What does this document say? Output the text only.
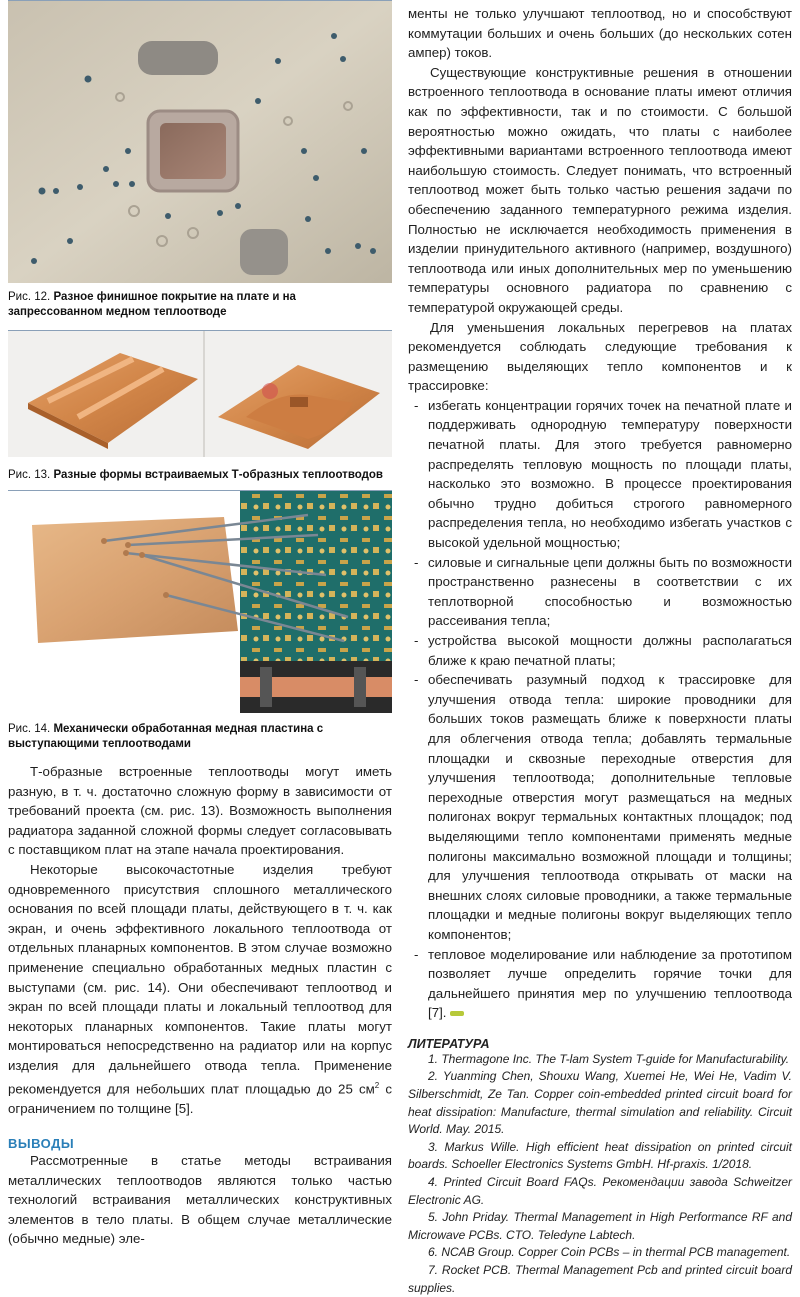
Рис. 12. Разное финишное покрытие на плате и на запрессованном медном теплоотводе
Рис. 13. Разные формы встраиваемых Т-образных теплоотводов
Рис. 14. Механически обработанная медная пластина с выступающими теплоотводами

Т-образные встроенные теплоотводы могут иметь разную, в т. ч. достаточно сложную форму в зависимости от требований проекта (см. рис. 13). Возможность выполнения радиатора заданной сложной формы следует согласовывать с поставщиком плат на этапе начала проектирования.

Некоторые высокочастотные изделия требуют одновременного присутствия сплошного металлического основания по всей площади платы, действующего в т. ч. как экран, и очень эффективного локального теплоотвода от отдельных планарных компонентов. В этом случае возможно применение специально обработанных медных пластин с выступами (см. рис. 14). Они обеспечивают теплоотвод и экран по всей площади платы и локальный теплоотвод для некоторых планарных компонентов. Такие платы могут монтироваться непосредственно на радиатор или на корпус изделия для дальнейшего отвода тепла. Применение рекомендуется для небольших плат площадью до 25 $см^2$ с ограничением по толщине [5].

ВЫВОДЫ

Рассмотренные в статье методы встраивания металлических теплоотводов являются только частью технологий встраивания металлических конструктивных элементов в тело платы. В общем случае металлические (обычно медные) эле-

менты не только улучшают теплоотвод, но и способствуют коммутации больших и очень больших (до нескольких сотен ампер) токов.

Существующие конструктивные решения в отношении встроенного теплоотвода в основание платы имеют отличия как по эффективности, так и по стоимости. С большой вероятностью можно ожидать, что платы с наиболее эффективными вариантами встроенного теплоотвода имеют наибольшую стоимость. Следует понимать, что встроенный теплоотвод может быть только частью решения задачи по обеспечению заданного температурного режима изделия. Полностью не исключается необходимость применения в изделии принудительного активного (например, воздушного) теплоотвода или иных дополнительных мер по уменьшению температуры основного радиатора по сравнению с температурой окружающей среды.

Для уменьшения локальных перегревов на платах рекомендуется соблюдать следующие требования к размещению выделяющих тепло компонентов и к трассировке:

- избегать концентрации горячих точек на печатной плате и поддерживать однородную температуру поверхности печатной платы. Для этого требуется равномерно распределять тепловую мощность по площади платы, насколько это возможно. В процессе проектирования обычно трудно добиться строгого равномерного распределения тепла, но необходимо избегать участков с высокой удельной мощностью;
- силовые и сигнальные цепи должны быть по возможности пространственно разнесены в соответствии с их теплотворной способностью и возможностью рассеивания тепла;
- устройства высокой мощности должны располагаться ближе к краю печатной платы;
- обеспечивать разумный подход к трассировке для улучшения отвода тепла: широкие проводники для больших токов размещать ближе к поверхности платы для облегчения отвода тепла; добавлять термальные площадки и сквозные переходные отверстия для улучшения теплоотвода; дополнительные тепловые переходные отверстия могут размещаться на медных полигонах вокруг термальных контактных площадок; под выделяющими тепло компонентами применять медные полигоны максимально возможной площади и толщины; для улучшения теплоотвода открывать от маски на внешних слоях силовые проводники, а также термальные площадки и медные полигоны вокруг выделяющих тепло компонентов;
- тепловое моделирование или наблюдение за прототипом позволяет лучше определить горячие точки для дальнейшего принятия мер по улучшению теплоотвода [7].

ЛИТЕРАТУРА

1. Thermagone Inc. The T-lam System T-guide for Manufacturability.
2. Yuanming Chen, Shouxu Wang, Xuemei He, Wei He, Vadim V. Silberschmidt, Ze Tan. Copper coin-embedded printed circuit board for heat dissipation: Manufacture, thermal simulation and reliability. Circuit World. May. 2015.
3. Markus Wille. High efficient heat dissipation on printed circuit boards. Schoeller Electronics Systems GmbH. Hf-praxis. 1/2018.
4. Printed Circuit Board FAQs. Рекомендации завода Schweitzer Electronic AG.
5. John Priday. Thermal Management in High Performance RF and Microwave PCBs. CTO. Teledyne Labtech.
6. NCAB Group. Copper Coin PCBs – in thermal PCB management.
7. Rocket PCB. Thermal Management Pcb and printed circuit board supplies.
